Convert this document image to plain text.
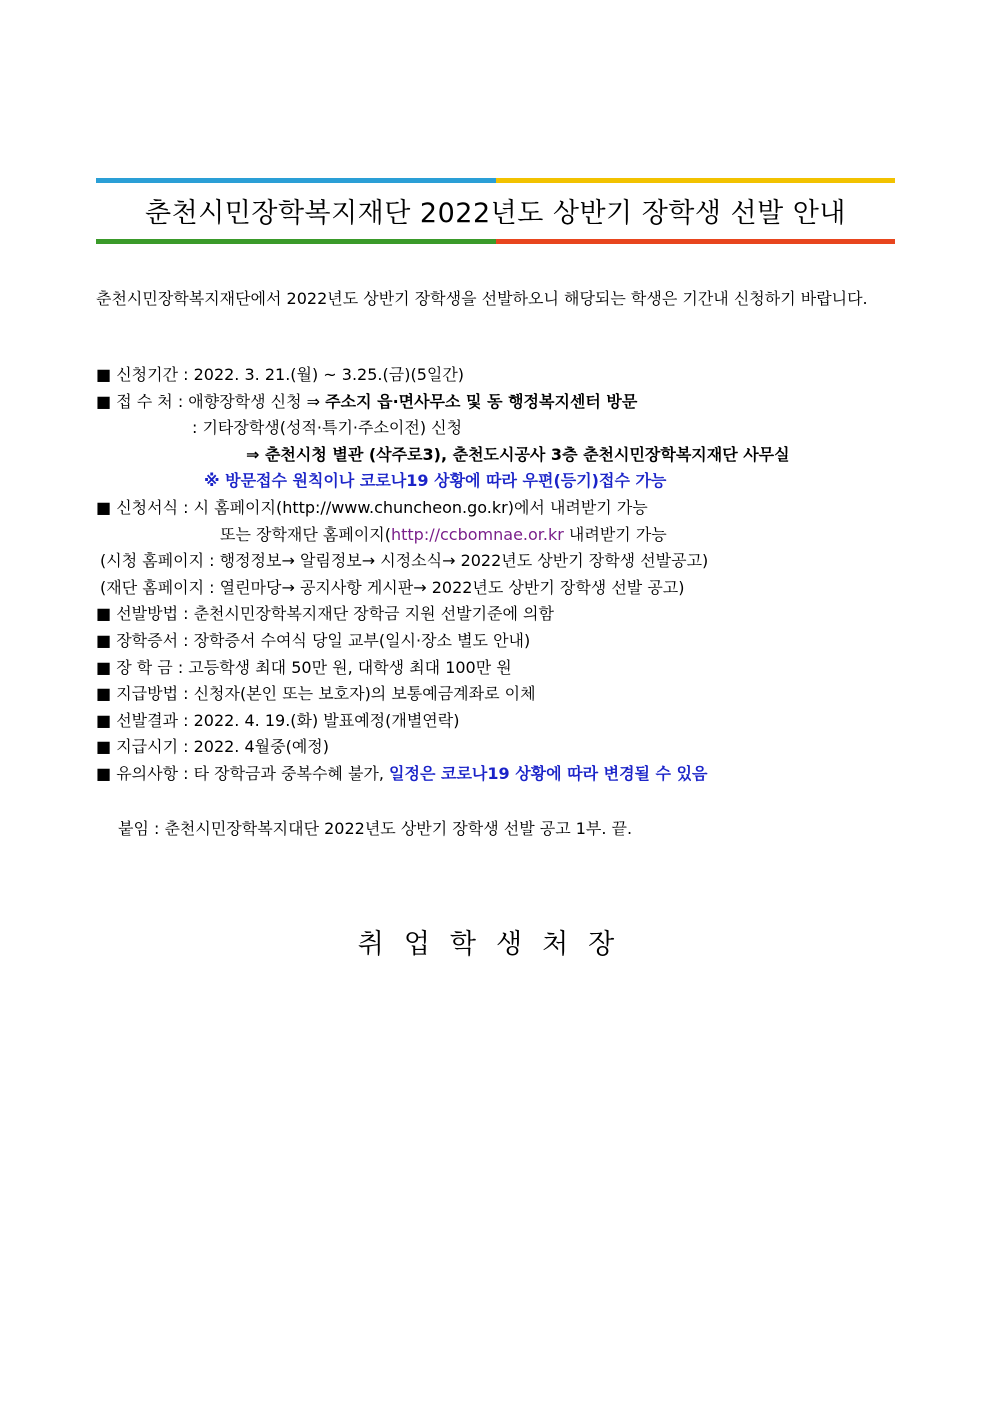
춘천시민장학복지재단 2022년도 상반기 장학생 선발 안내
춘천시민장학복지재단에서 2022년도 상반기 장학생을 선발하오니 해당되는 학생은 기간내 신청하기 바랍니다.
■ 신청기간 : 2022. 3. 21.(월) ~ 3.25.(금)(5일간)
■ 접 수 처 : 애향장학생 신청 ⇒ 주소지 읍·면사무소 및 동 행정복지센터 방문
: 기타장학생(성적·특기·주소이전) 신청
⇒ 춘천시청 별관 (삭주로3), 춘천도시공사 3층 춘천시민장학복지재단 사무실
※ 방문접수 원칙이나 코로나19 상황에 따라 우편(등기)접수 가능
■ 신청서식 : 시 홈페이지(http://www.chuncheon.go.kr)에서 내려받기 가능
또는 장학재단 홈페이지(http://ccbomnae.or.kr 내려받기 가능
(시청 홈페이지 : 행정정보→ 알림정보→ 시정소식→ 2022년도 상반기 장학생 선발공고)
(재단 홈페이지 : 열린마당→ 공지사항 게시판→ 2022년도 상반기 장학생 선발 공고)
■ 선발방법 : 춘천시민장학복지재단 장학금 지원 선발기준에 의함
■ 장학증서 : 장학증서 수여식 당일 교부(일시·장소 별도 안내)
■ 장 학 금 : 고등학생 최대 50만 원, 대학생 최대 100만 원
■ 지급방법 : 신청자(본인 또는 보호자)의 보통예금계좌로 이체
■ 선발결과 : 2022. 4. 19.(화) 발표예정(개별연락)
■ 지급시기 : 2022. 4월중(예정)
■ 유의사항 : 타 장학금과 중복수혜 불가, 일정은 코로나19 상황에 따라 변경될 수 있음
붙임 : 춘천시민장학복지대단 2022년도 상반기 장학생 선발 공고 1부. 끝.
취업학생처장
